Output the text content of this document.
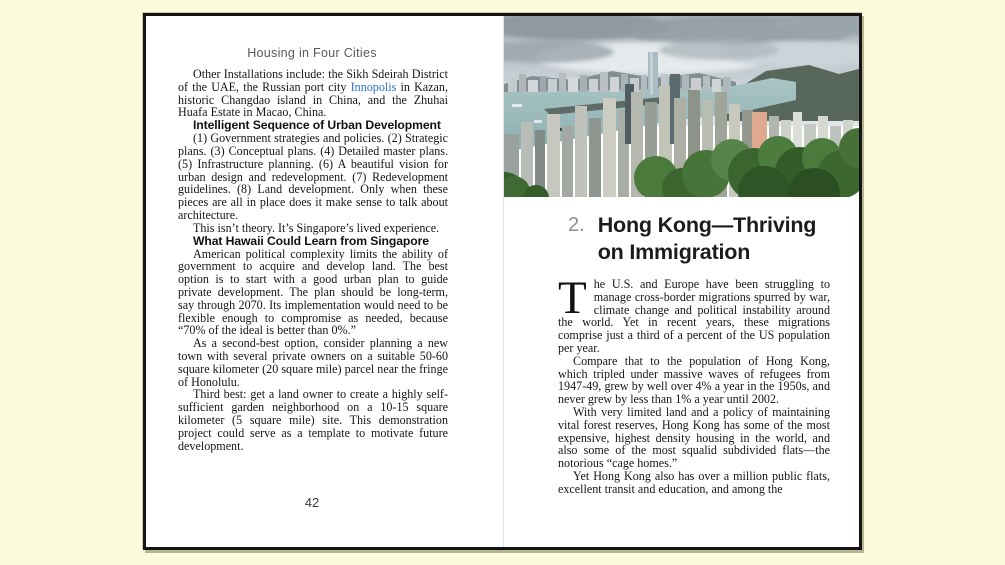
Housing in Four Cities

Other Installations include: the Sikh Sdeirah District of the UAE, the Russian port city Innopolis in Kazan, historic Changdao island in China, and the Zhuhai Huafa Estate in Macao, China.

Intelligent Sequence of Urban Development

(1) Government strategies and policies. (2) Strategic plans. (3) Conceptual plans. (4) Detailed master plans. (5) Infrastructure planning. (6) A beautiful vision for urban design and redevelopment. (7) Redevelopment guidelines. (8) Land development. Only when these pieces are all in place does it make sense to talk about architecture.

This isn’t theory. It’s Singapore’s lived experience.

What Hawaii Could Learn from Singapore

American political complexity limits the ability of government to acquire and develop land. The best option is to start with a good urban plan to guide private development. The plan should be long-term, say through 2070. Its implementation would need to be flexible enough to compromise as needed, because “70% of the ideal is better than 0%.”

As a second-best option, consider planning a new town with several private owners on a suitable 50-60 square kilometer (20 square mile) parcel near the fringe of Honolulu.

Third best: get a land owner to create a highly self-sufficient garden neighborhood on a 10-15 square kilometer (5 square mile) site. This demonstration project could serve as a template to motivate future development.

42
2. Hong Kong—Thriving on Immigration

The U.S. and Europe have been struggling to manage cross-border migrations spurred by war, climate change and political instability around the world. Yet in recent years, these migrations comprise just a third of a percent of the US population per year.

Compare that to the population of Hong Kong, which tripled under massive waves of refugees from 1947-49, grew by well over 4% a year in the 1950s, and never grew by less than 1% a year until 2002.

With very limited land and a policy of maintaining vital forest reserves, Hong Kong has some of the most expensive, highest density housing in the world, and also some of the most squalid subdivided flats—the notorious “cage homes.”

Yet Hong Kong also has over a million public flats, excellent transit and education, and among the
